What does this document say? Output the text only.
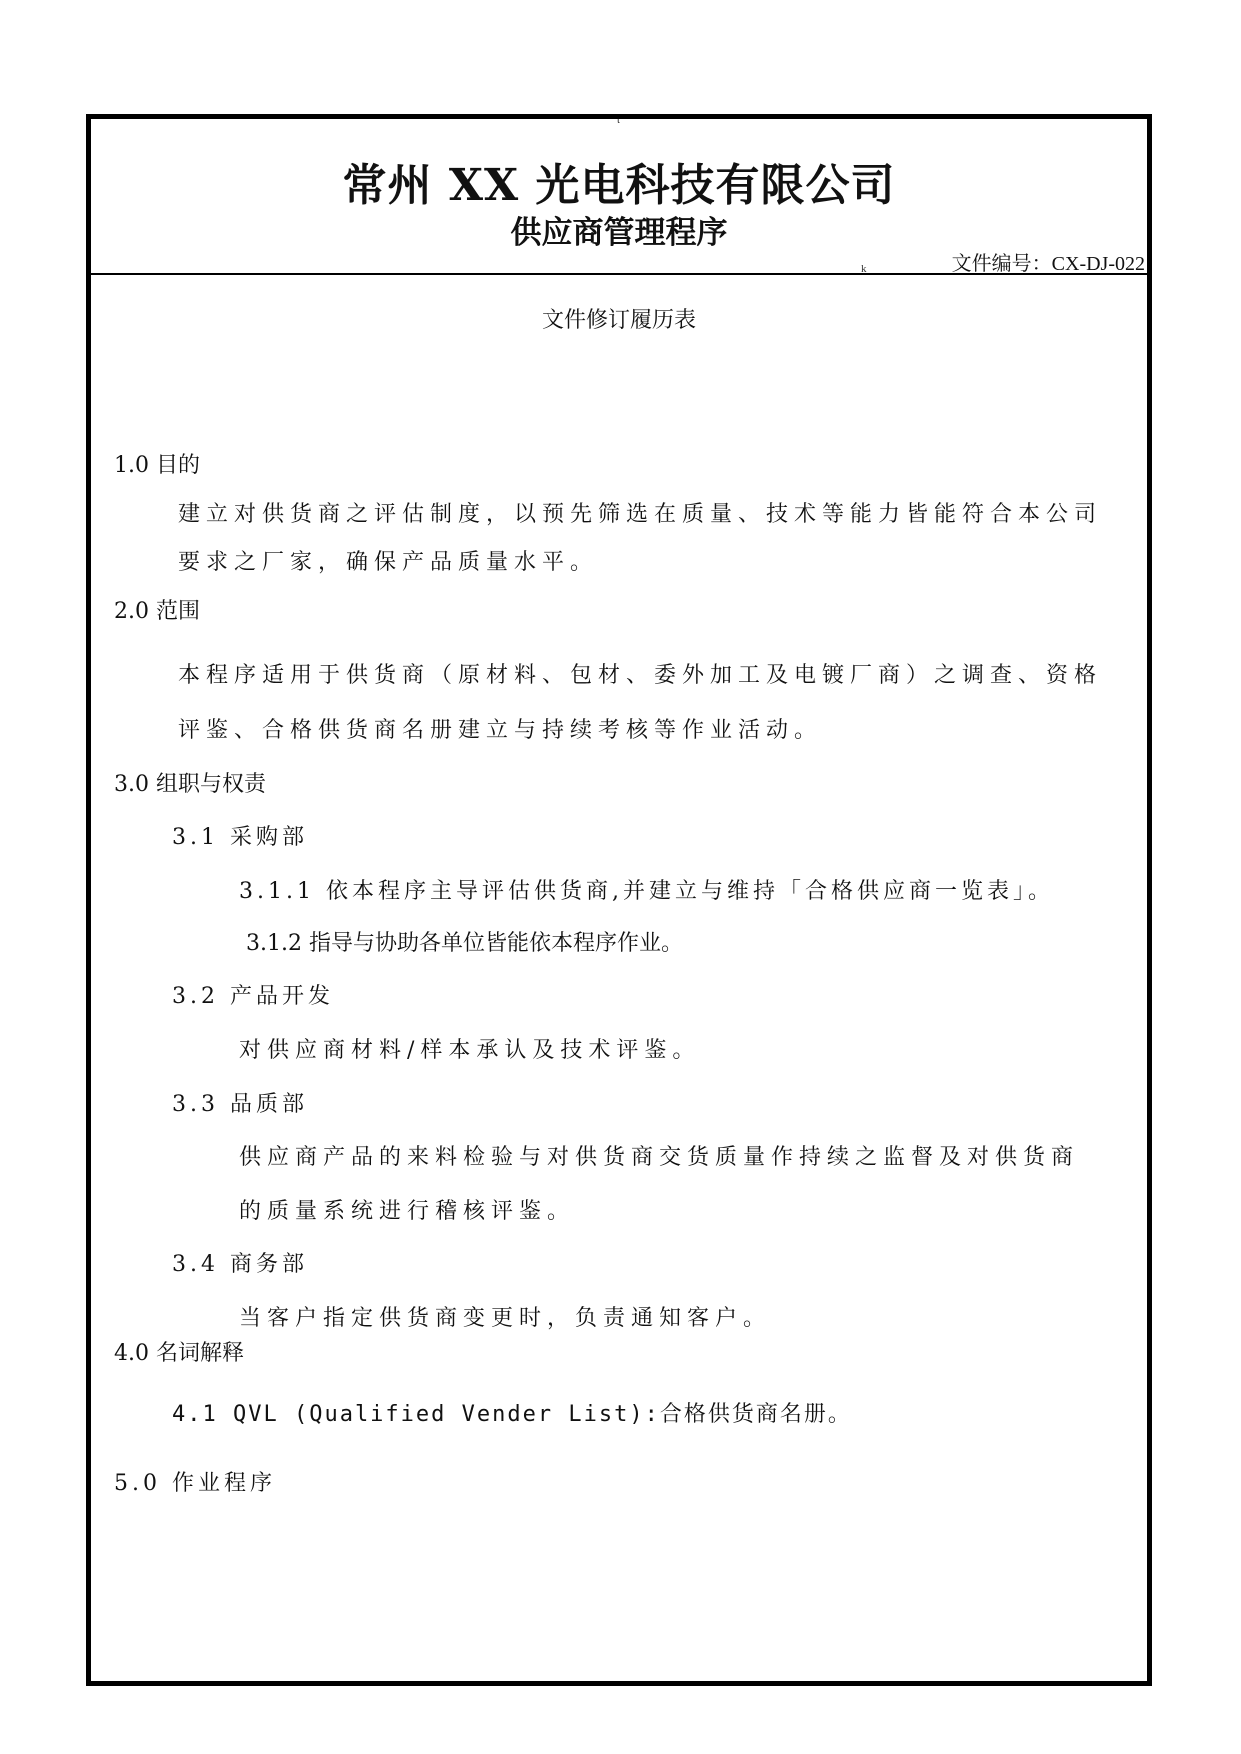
t
常州 XX 光电科技有限公司
供应商管理程序
k	文件编号：CX-DJ-022
文件修订履历表
1.0 目的
建立对供货商之评估制度，以预先筛选在质量、技术等能力皆能符合本公司
要求之厂家，确保产品质量水平。
2.0 范围
本程序适用于供货商（原材料、包材、委外加工及电镀厂商）之调查、资格
评鉴、合格供货商名册建立与持续考核等作业活动。
3.0 组职与权责
3.1 采购部
3.1.1 依本程序主导评估供货商,并建立与维持「合格供应商一览表」。
3.1.2 指导与协助各单位皆能依本程序作业。
3.2 产品开发
对供应商材料/样本承认及技术评鉴。
3.3 品质部
供应商产品的来料检验与对供货商交货质量作持续之监督及对供货商
的质量系统进行稽核评鉴。
3.4 商务部
当客户指定供货商变更时，负责通知客户。
4.0 名词解释
4.1 QVL (Qualified Vender List):合格供货商名册。
5.0 作业程序
